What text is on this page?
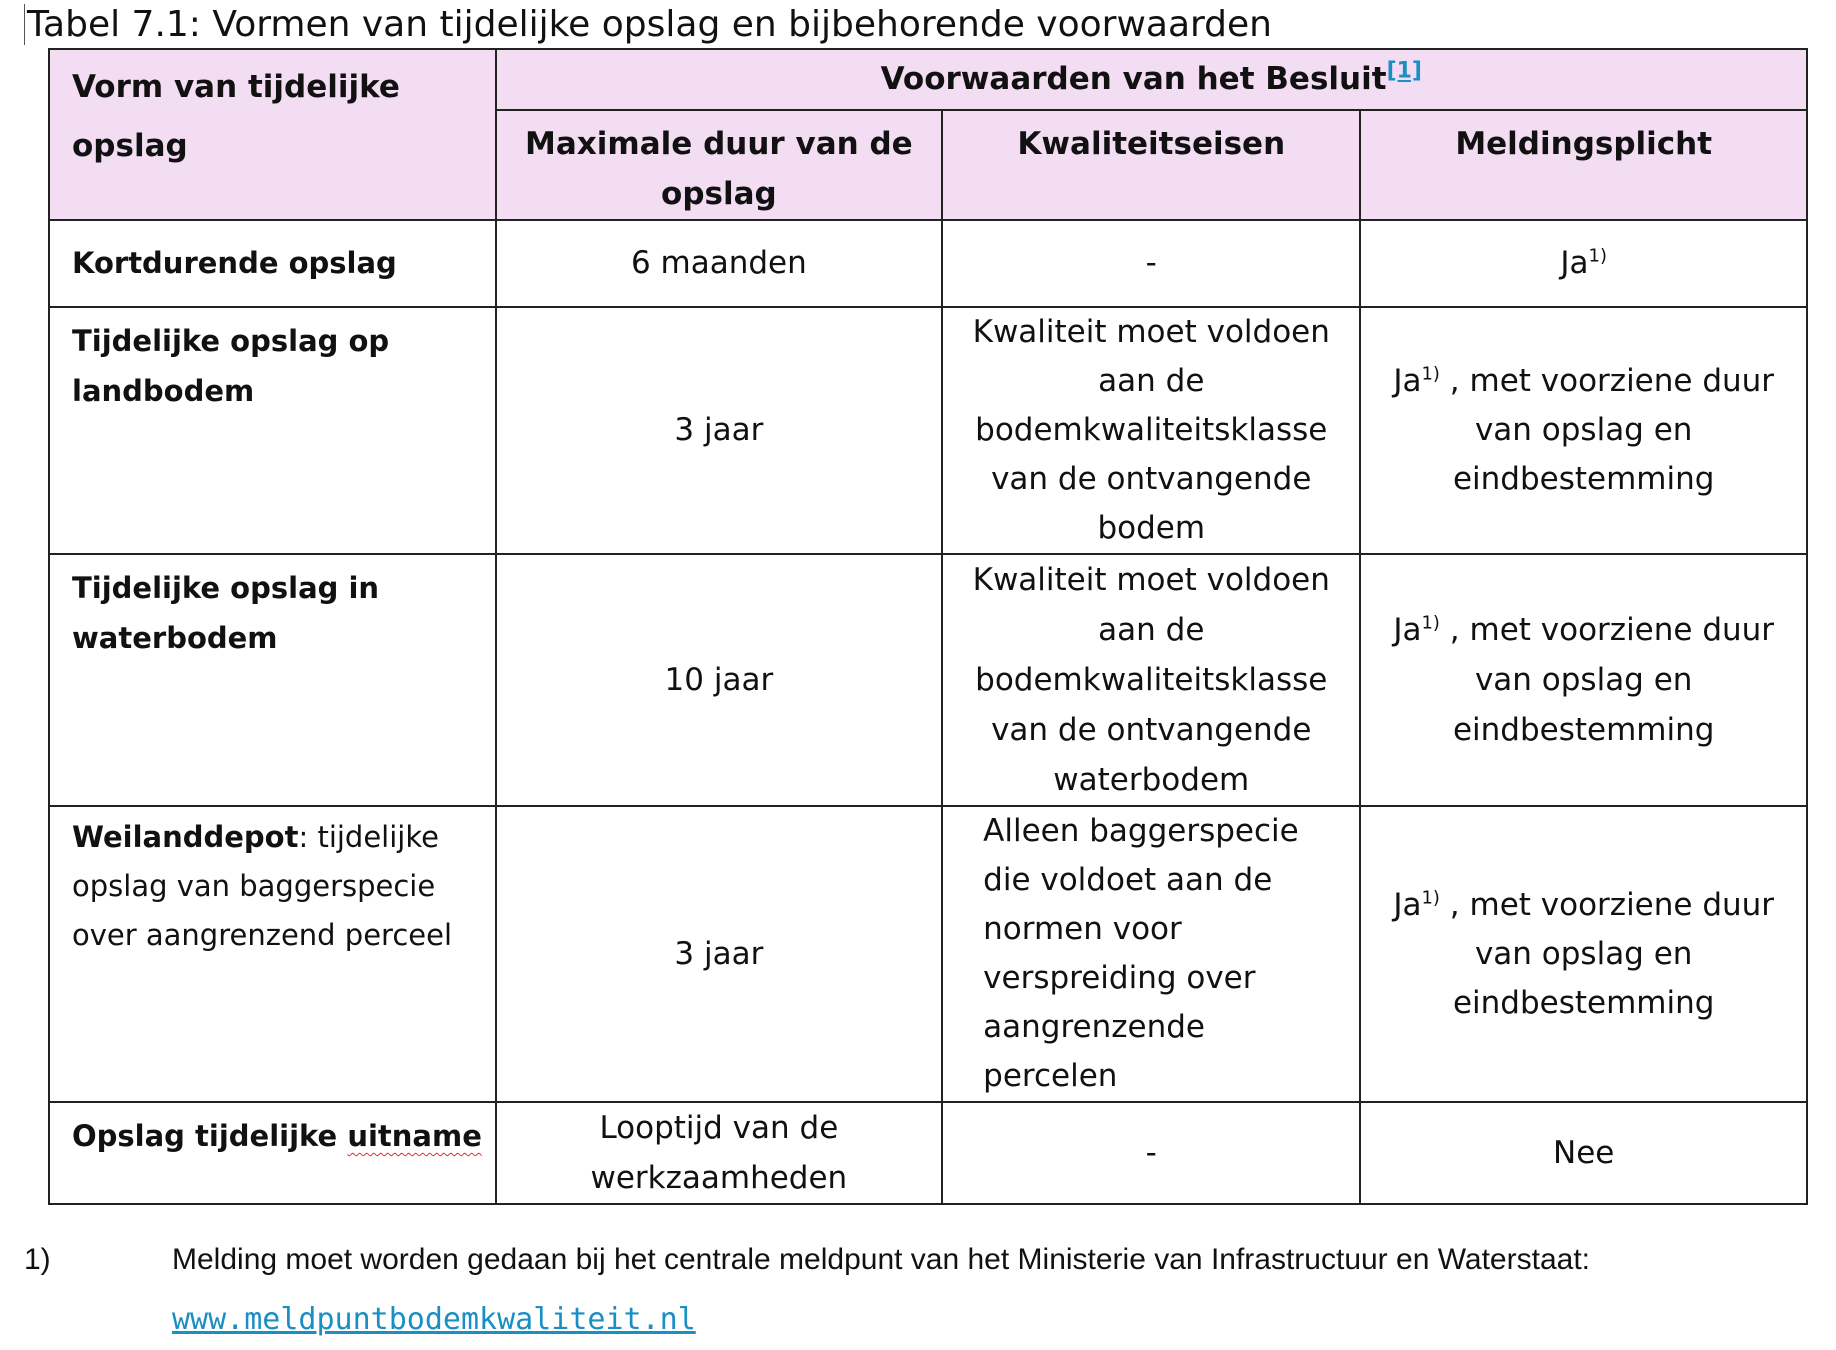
Tabel 7.1: Vormen van tijdelijke opslag en bijbehorende voorwaarden
Vorm van tijdelijke opslag	Voorwaarden van het Besluit[1]
	Maximale duur van de opslag	Kwaliteitseisen	Meldingsplicht
Kortdurende opslag	6 maanden	-	Ja$^{1)}$
Tijdelijke opslag op landbodem	3 jaar	Kwaliteit moet voldoen aan de bodemkwaliteitsklasse van de ontvangende bodem	Ja$^{1)}$ , met voorziene duur van opslag en eindbestemming
Tijdelijke opslag in waterbodem	10 jaar	Kwaliteit moet voldoen aan de bodemkwaliteitsklasse van de ontvangende waterbodem	Ja$^{1)}$ , met voorziene duur van opslag en eindbestemming
Weilanddepot: tijdelijke opslag van baggerspecie over aangrenzend perceel	3 jaar	Alleen baggerspecie die voldoet aan de normen voor verspreiding over aangrenzende percelen	Ja$^{1)}$ , met voorziene duur van opslag en eindbestemming
Opslag tijdelijke uitname	Looptijd van de werkzaamheden	-	Nee
1)	Melding moet worden gedaan bij het centrale meldpunt van het Ministerie van Infrastructuur en Waterstaat:
www.meldpuntbodemkwaliteit.nl
